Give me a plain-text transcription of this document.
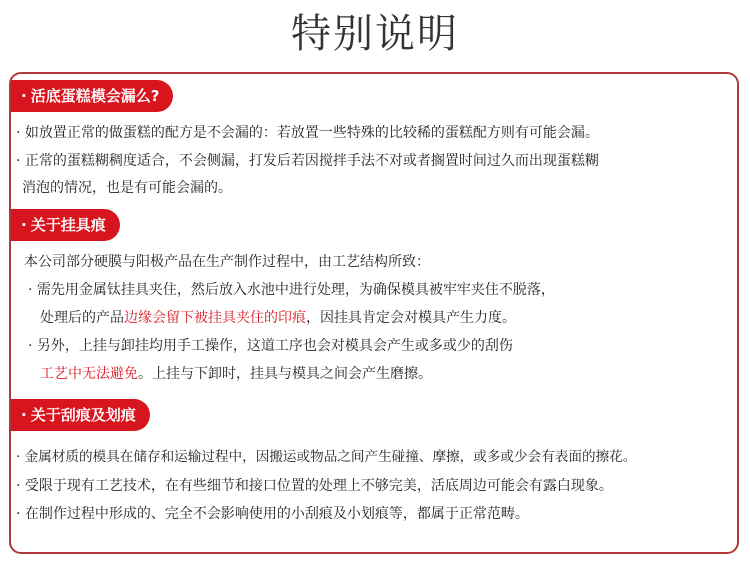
特别说明
· 活底蛋糕模会漏么?
· 如放置正常的做蛋糕的配方是不会漏的：若放置一些特殊的比较稀的蛋糕配方则有可能会漏。
· 正常的蛋糕糊稠度适合，不会侧漏，打发后若因搅拌手法不对或者搁置时间过久而出现蛋糕糊
消泡的情况，也是有可能会漏的。
· 关于挂具痕
本公司部分硬膜与阳极产品在生产制作过程中，由工艺结构所致：
· 需先用金属钛挂具夹住，然后放入水池中进行处理，为确保模具被牢牢夹住不脱落，
处理后的产品边缘会留下被挂具夹住的印痕，因挂具肯定会对模具产生力度。
· 另外，上挂与卸挂均用手工操作，这道工序也会对模具会产生或多或少的刮伤
工艺中无法避免。上挂与下卸时，挂具与模具之间会产生磨擦。
· 关于刮痕及划痕
· 金属材质的模具在储存和运输过程中，因搬运或物品之间产生碰撞、摩擦，或多或少会有表面的擦花。
· 受限于现有工艺技术，在有些细节和接口位置的处理上不够完美，活底周边可能会有露白现象。
· 在制作过程中形成的、完全不会影响使用的小刮痕及小划痕等，都属于正常范畴。
